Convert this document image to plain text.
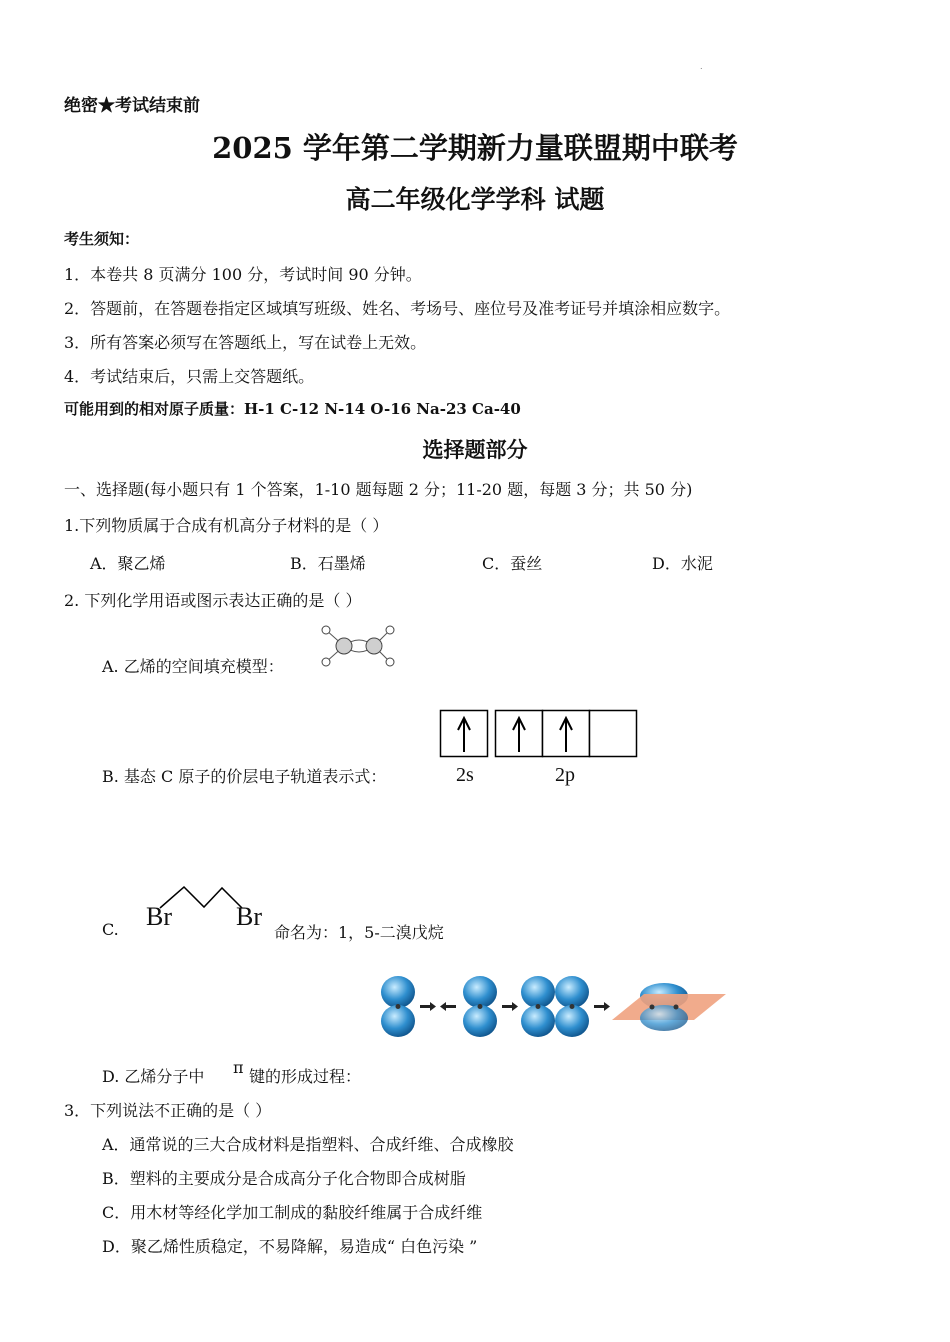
.
绝密★考试结束前
2025 学年第二学期新力量联盟期中联考
高二年级化学学科 试题
考生须知：
1．本卷共 8 页满分 100 分，考试时间 90 分钟。
2．答题前，在答题卷指定区域填写班级、姓名、考场号、座位号及准考证号并填涂相应数字。
3．所有答案必须写在答题纸上，写在试卷上无效。
4．考试结束后，只需上交答题纸。
可能用到的相对原子质量：H-1 C-12 N-14 O-16 Na-23 Ca-40
选择题部分
一、选择题(每小题只有 1 个答案，1-10 题每题 2 分；11-20 题，每题 3 分；共 50 分)
1.下列物质属于合成有机高分子材料的是（ ）
A．聚乙烯	B．石墨烯	C．蚕丝	D．水泥
2. 下列化学用语或图示表达正确的是（ ）
A. 乙烯的空间填充模型：
B. 基态 C 原子的价层电子轨道表示式：	2s	2p
C. Br Br
命名为：1，5-二溴戊烷
D. 乙烯分子中 π 键的形成过程：
3．下列说法不正确的是（ ）
A．通常说的三大合成材料是指塑料、合成纤维、合成橡胶
B．塑料的主要成分是合成高分子化合物即合成树脂
C．用木材等经化学加工制成的黏胶纤维属于合成纤维
D．聚乙烯性质稳定，不易降解，易造成“ 白色污染 ”
